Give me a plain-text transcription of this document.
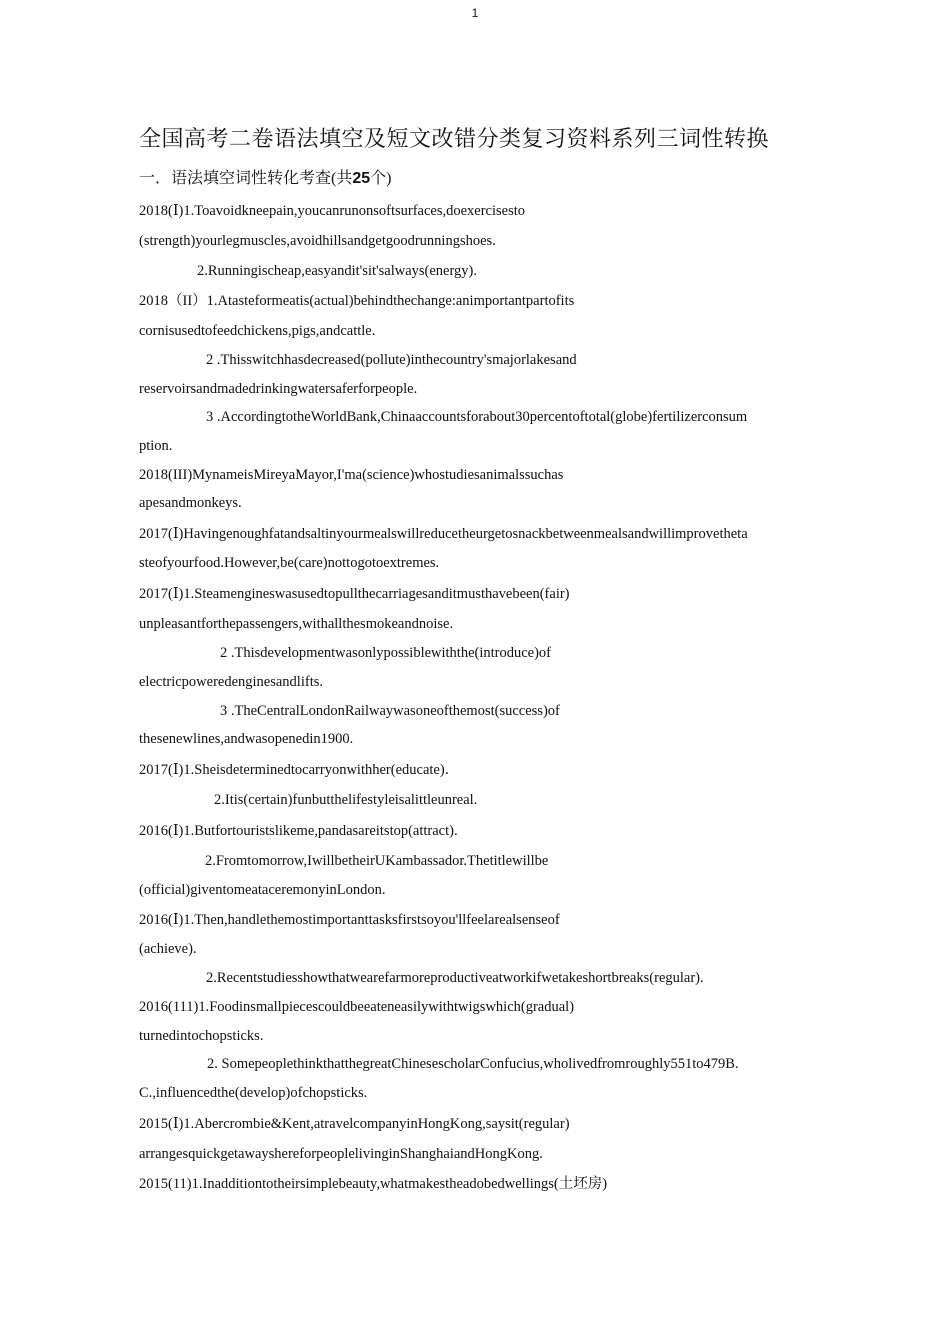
1
全国高考二卷语法填空及短文改错分类复习资料系列三词性转换
一．语法填空词性转化考查(共25个)
2018(Ⅰ)1.Toavoidkneepain,youcanrunonsoftsurfaces,doexercisesto
(strength)yourlegmuscles,avoidhillsandgetgoodrunningshoes.
2.Runningischeap,easyandit'sit'salways(energy).
2018（II）1.Atasteformeatis(actual)behindthechange:animportantpartofits
cornisusedtofeedchickens,pigs,andcattle.
2 .Thisswitchhasdecreased(pollute)inthecountry'smajorlakesand
reservoirsandmadedrinkingwatersaferforpeople.
3 .AccordingtotheWorldBank,Chinaaccountsforabout30percentoftotal(globe)fertilizerconsum
ption.
2018(III)MynameisMireyaMayor,I'ma(science)whostudiesanimalssuchas
apesandmonkeys.
2017(Ⅰ)Havingenoughfatandsaltinyourmealswillreducetheurgetosnackbetweenmealsandwillimprovetheta
steofyourfood.However,be(care)nottogotoextremes.
2017(Ⅰ)1.Steamengineswasusedtopullthecarriagesanditmusthavebeen(fair)
unpleasantforthepassengers,withallthesmokeandnoise.
2 .Thisdevelopmentwasonlypossiblewiththe(introduce)of
electricpoweredenginesandlifts.
3 .TheCentralLondonRailwaywasoneofthemost(success)of
thesenewlines,andwasopenedin1900.
2017(Ⅰ)1.Sheisdeterminedtocarryonwithher(educate)．
2.Itis(certain)funbutthelifestyleisalittleunreal.
2016(Ⅰ)1.Butfortouristslikeme,pandasareitstop(attract).
2.Fromtomorrow,IwillbetheirUKambassador.Thetitlewillbe
(official)giventomeataceremonyinLondon.
2016(Ⅰ)1.Then,handlethemostimportanttasksfirstsoyou'llfeelarealsenseof
(achieve).
2.Recentstudiesshowthatwearefarmoreproductiveatworkifwetakeshortbreaks(regular).
2016(111)1.Foodinsmallpiecescouldbeeateneasilywithtwigswhich(gradual)
turnedintochopsticks.
2. SomepeoplethinkthatthegreatChinesescholarConfucius,wholivedfromroughly551to479B.
C.,influencedthe(develop)ofchopsticks.
2015(Ⅰ)1.Abercrombie&Kent,atravelcompanyinHongKong,saysit(regular)
arrangesquickgetawayshereforpeoplelivinginShanghaiandHongKong.
2015(11)1.Inadditiontotheirsimplebeauty,whatmakestheadobedwellings(土坯房)
